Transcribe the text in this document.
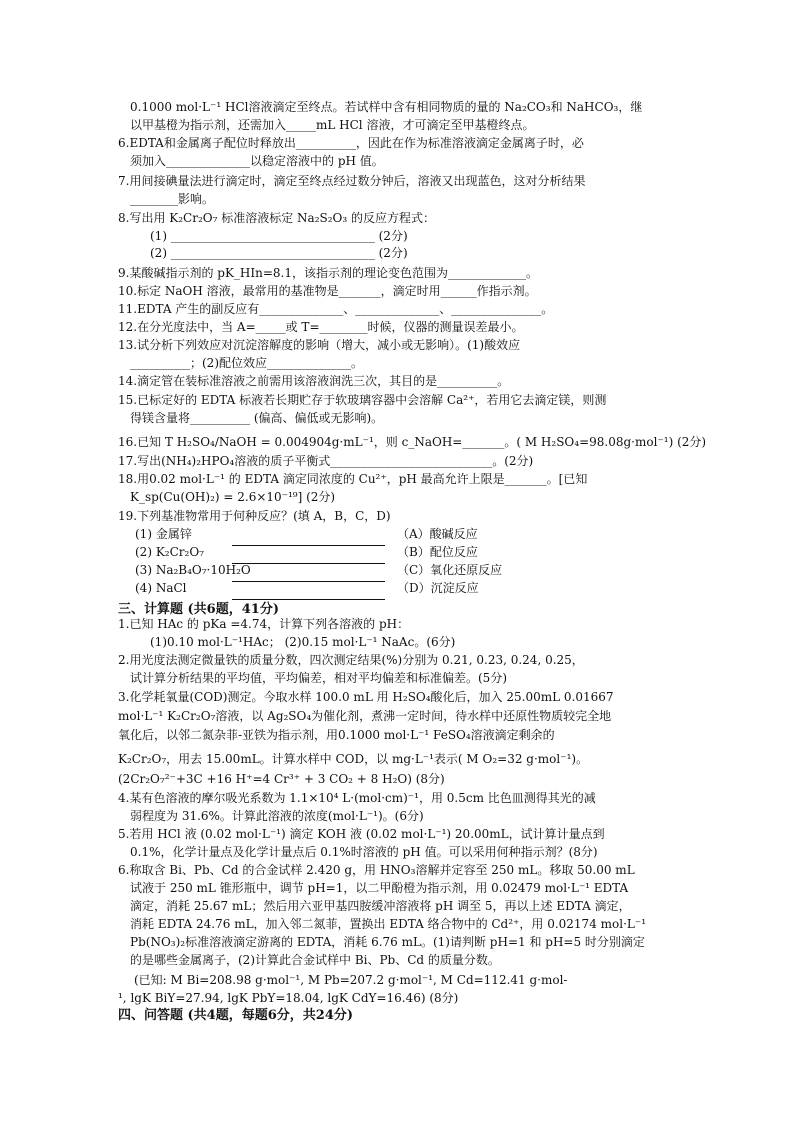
0.1000 mol·L⁻¹ HCl溶液滴定至终点。若试样中含有相同物质的量的 Na₂CO₃和 NaHCO₃，继
以甲基橙为指示剂，还需加入_____mL HCl 溶液，才可滴定至甲基橙终点。
6.EDTA和金属离子配位时释放出__________，因此在作为标准溶液滴定金属离子时，必
须加入______________以稳定溶液中的 pH 值。
7.用间接碘量法进行滴定时，滴定至终点经过数分钟后，溶液又出现蓝色，这对分析结果
________影响。
8.写出用 K₂Cr₂O₇ 标准溶液标定 Na₂S₂O₃ 的反应方程式：
(1) __________________________________ (2分)
(2) __________________________________ (2分)
9.某酸碱指示剂的 pK_HIn=8.1，该指示剂的理论变色范围为_____________。
10.标定 NaOH 溶液，最常用的基准物是_______，滴定时用______作指示剂。
11.EDTA 产生的副反应有______________、______________、_______________。
12.在分光度法中，当 A=_____或 T=________时候，仪器的测量误差最小。
13.试分析下列效应对沉淀溶解度的影响（增大，减小或无影响）。(1)酸效应
__________；(2)配位效应______________。
14.滴定管在装标准溶液之前需用该溶液润洗三次，其目的是__________。
15.已标定好的 EDTA 标液若长期贮存于软玻璃容器中会溶解 Ca²⁺，若用它去滴定镁，则测
得镁含量将__________ (偏高、偏低或无影响)。
16.已知 T H₂SO₄/NaOH = 0.004904g·mL⁻¹，则 c_NaOH=_______。( M H₂SO₄=98.08g·mol⁻¹) (2分)
17.写出(NH₄)₂HPO₄溶液的质子平衡式___________________________。(2分)
18.用0.02 mol·L⁻¹ 的 EDTA 滴定同浓度的 Cu²⁺，pH 最高允许上限是_______。[已知
K_sp(Cu(OH)₂) = 2.6×10⁻¹⁹] (2分)
19.下列基准物常用于何种反应？(填 A，B，C，D)
(1) 金属锌
(2) K₂Cr₂O₇
(3) Na₂B₄O₇·10H₂O
(4) NaCl
（A）酸碱反应
（B）配位反应
（C）氧化还原反应
（D）沉淀反应
三、计算题 (共6题，41分)
1.已知 HAc 的 pKa =4.74，计算下列各溶液的 pH：
(1)0.10 mol·L⁻¹HAc； (2)0.15 mol·L⁻¹ NaAc。(6分)
2.用光度法测定微量铁的质量分数，四次测定结果(%)分别为 0.21, 0.23, 0.24, 0.25，
试计算分析结果的平均值，平均偏差，相对平均偏差和标准偏差。(5分)
3.化学耗氧量(COD)测定。今取水样 100.0 mL 用 H₂SO₄酸化后，加入 25.00mL 0.01667
mol·L⁻¹ K₂Cr₂O₇溶液，以 Ag₂SO₄为催化剂，煮沸一定时间，待水样中还原性物质较完全地
氧化后，以邻二氮杂菲-亚铁为指示剂，用0.1000 mol·L⁻¹ FeSO₄溶液滴定剩余的
K₂Cr₂O₇，用去 15.00mL。计算水样中 COD，以 mg·L⁻¹表示( M O₂=32 g·mol⁻¹)。
(2Cr₂O₇²⁻+3C +16 H⁺=4 Cr³⁺ + 3 CO₂ + 8 H₂O) (8分)
4.某有色溶液的摩尔吸光系数为 1.1×10⁴ L·(mol·cm)⁻¹，用 0.5cm 比色皿测得其光的减
弱程度为 31.6%。计算此溶液的浓度(mol·L⁻¹)。(6分)
5.若用 HCl 液 (0.02 mol·L⁻¹) 滴定 KOH 液 (0.02 mol·L⁻¹) 20.00mL，试计算计量点到
0.1%，化学计量点及化学计量点后 0.1%时溶液的 pH 值。可以采用何种指示剂？(8分)
6.称取含 Bi、Pb、Cd 的合金试样 2.420 g，用 HNO₃溶解并定容至 250 mL。移取 50.00 mL
试液于 250 mL 锥形瓶中，调节 pH=1，以二甲酚橙为指示剂，用 0.02479 mol·L⁻¹ EDTA
滴定，消耗 25.67 mL；然后用六亚甲基四胺缓冲溶液将 pH 调至 5，再以上述 EDTA 滴定，
消耗 EDTA 24.76 mL，加入邻二氮菲，置换出 EDTA 络合物中的 Cd²⁺，用 0.02174 mol·L⁻¹
Pb(NO₃)₂标准溶液滴定游离的 EDTA，消耗 6.76 mL。(1)请判断 pH=1 和 pH=5 时分别滴定
的是哪些金属离子，(2)计算此合金试样中 Bi、Pb、Cd 的质量分数。
(已知: M Bi=208.98 g·mol⁻¹, M Pb=207.2 g·mol⁻¹, M Cd=112.41 g·mol-
¹, lgK BiY=27.94, lgK PbY=18.04, lgK CdY=16.46) (8分)
四、问答题 (共4题，每题6分，共24分)
